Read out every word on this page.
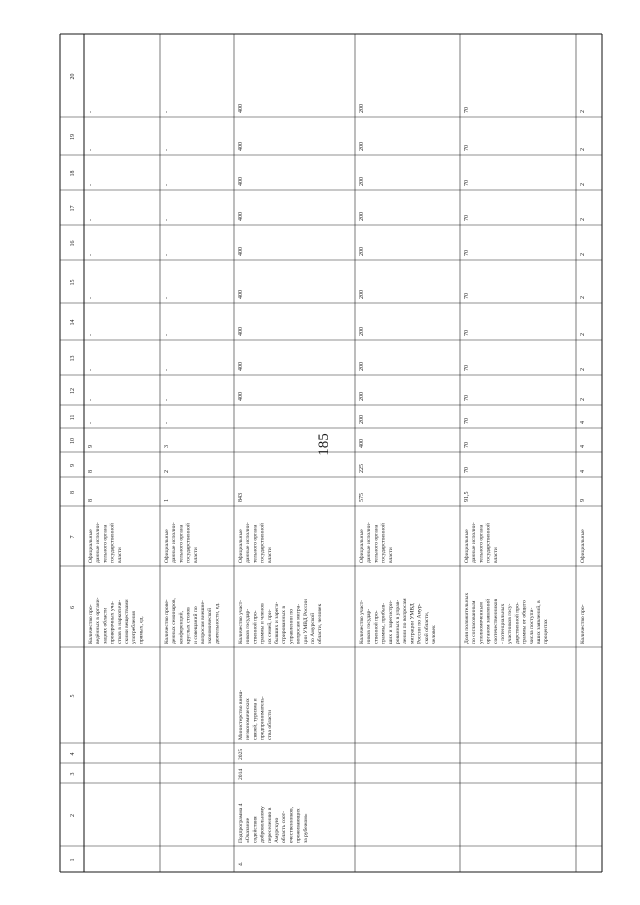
185
1
2
3
4
5
6
7
8
9
10
11
12
13
14
15
16
17
18
19
20
Количество про- ведённых в органи- зациях области проверочных уча- стков в наркотиче- скими веществами употребления прямых, ед.
Официальные данные исполни- тельного органа государственной власти
8
8
9
-
-
-
-
-
-
-
-
-
-
Количество прове- денных семинаров, конференций, круглых столов и совещаний по вопросам внешне- экономической деятельности, ед.
Официальные данные исполни- тельного органа государственной власти
1
2
3
-
-
-
-
-
-
-
-
-
-
4.
Подпрограмма 4 «Оказание содействия добровольному переселению в Амурскую область соот- ечественников, проживающих за рубежом»
2014
2025
Министерство внеш- неэкономических связей, туризма и предприниматель- ства области
Количество участ- ников государ- ственной про- граммы и членов их семей, при- бывших и зареги- стрированных в управлении по вопросам мигра- ции УМВД России по Амурской области, человек
Официальные данные исполни- тельного органа государственной власти
843
400
400
400
400
400
400
400
400
400
Количество участ- ников государ- ственной про- граммы, прибыв- ших и зарегистри- рованных в управ- лении по вопросам миграции УМВД России по Амур- ской области, человек
Официальные данные исполни- тельного органа государственной власти
575
225
400
200
200
200
200
200
200
200
200
200
200
Доля положительных по согласованным уполномоченным органом заявлений соотечественников - потенциальных участников госу- дарственной про- граммы от общего числа поступи- вших заявлений, в процентах
Официальные данные исполни- тельного органа государственной власти
91,5
70
70
70
70
70
70
70
70
70
70
70
70
Количество про-
Официальные
9
4
4
4
2
2
2
2
2
2
2
2
2
